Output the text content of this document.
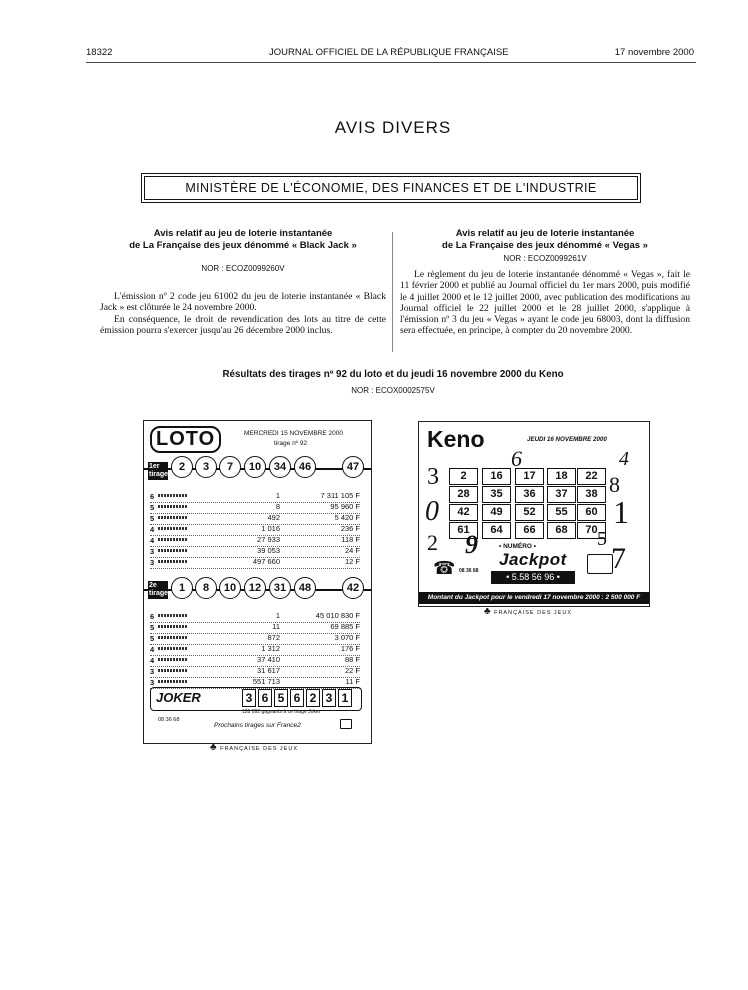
18322	JOURNAL OFFICIEL DE LA RÉPUBLIQUE FRANÇAISE	17 novembre 2000
AVIS DIVERS
MINISTÈRE DE L'ÉCONOMIE, DES FINANCES ET DE L'INDUSTRIE
Avis relatif au jeu de loterie instantanée
de La Française des jeux dénommé « Black Jack »
NOR : ECOZ0099260V

L'émission nº 2 code jeu 61002 du jeu de loterie instantanée « Black Jack » est clôturée le 24 novembre 2000.

En conséquence, le droit de revendication des lots au titre de cette émission pourra s'exercer jusqu'au 26 décembre 2000 inclus.

Avis relatif au jeu de loterie instantanée
de La Française des jeux dénommé « Vegas »
NOR : ECOZ0099261V

Le règlement du jeu de loterie instantanée dénommé « Vegas », fait le 11 février 2000 et publié au Journal officiel du 1er mars 2000, puis modifié le 4 juillet 2000 et le 12 juillet 2000, avec publication des modifications au Journal officiel le 22 juillet 2000 et le 28 juillet 2000, s'applique à l'émission nº 3 du jeu « Vegas » ayant le code jeu 68003, dont la diffusion sera effectuée, en principe, à compter du 20 novembre 2000.

Résultats des tirages nº 92 du loto et du jeudi 16 novembre 2000 du Keno
NOR : ECOX0002575V
LOTO	MERCREDI 15 NOVEMBRE 2000
tirage nº 92
1er tirage
2	3	7	10	34	46	47
6	1	7 311 105 F
5	8	95 960 F
5	492	5 420 F
4	1 016	236 F
4	27 933	118 F
3	39 053	24 F
3	497 660	12 F
2e tirage 1	8	10	12	31	48	42
6	1	45 010 830 F
5	11	69 885 F
5	872	3 070 F
4	1 312	176 F
4	37 410	88 F
3	31 617	22 F
3	551 713	11 F
JOKER	3 6 5 6 2 3 1
128 092 gagnants à ce tirage Joker
08 36 68
Prochains tirages sur France2
♣ FRANÇAISE DES JEUX
Keno	JEUDI 16 NOVEMBRE 2000
2	16	17	18	22
28	35	36	37	38
42	49	52	55	60
61	64	66	68	70
3
0
2 9
6	4
8
1
5
7
• NUMÉRO •
Jackpot
• 5.58 56 96 •
☎ 08 36 68
Montant du Jackpot pour le vendredi 17 novembre 2000 : 2 500 000 F
♣ FRANÇAISE DES JEUX
